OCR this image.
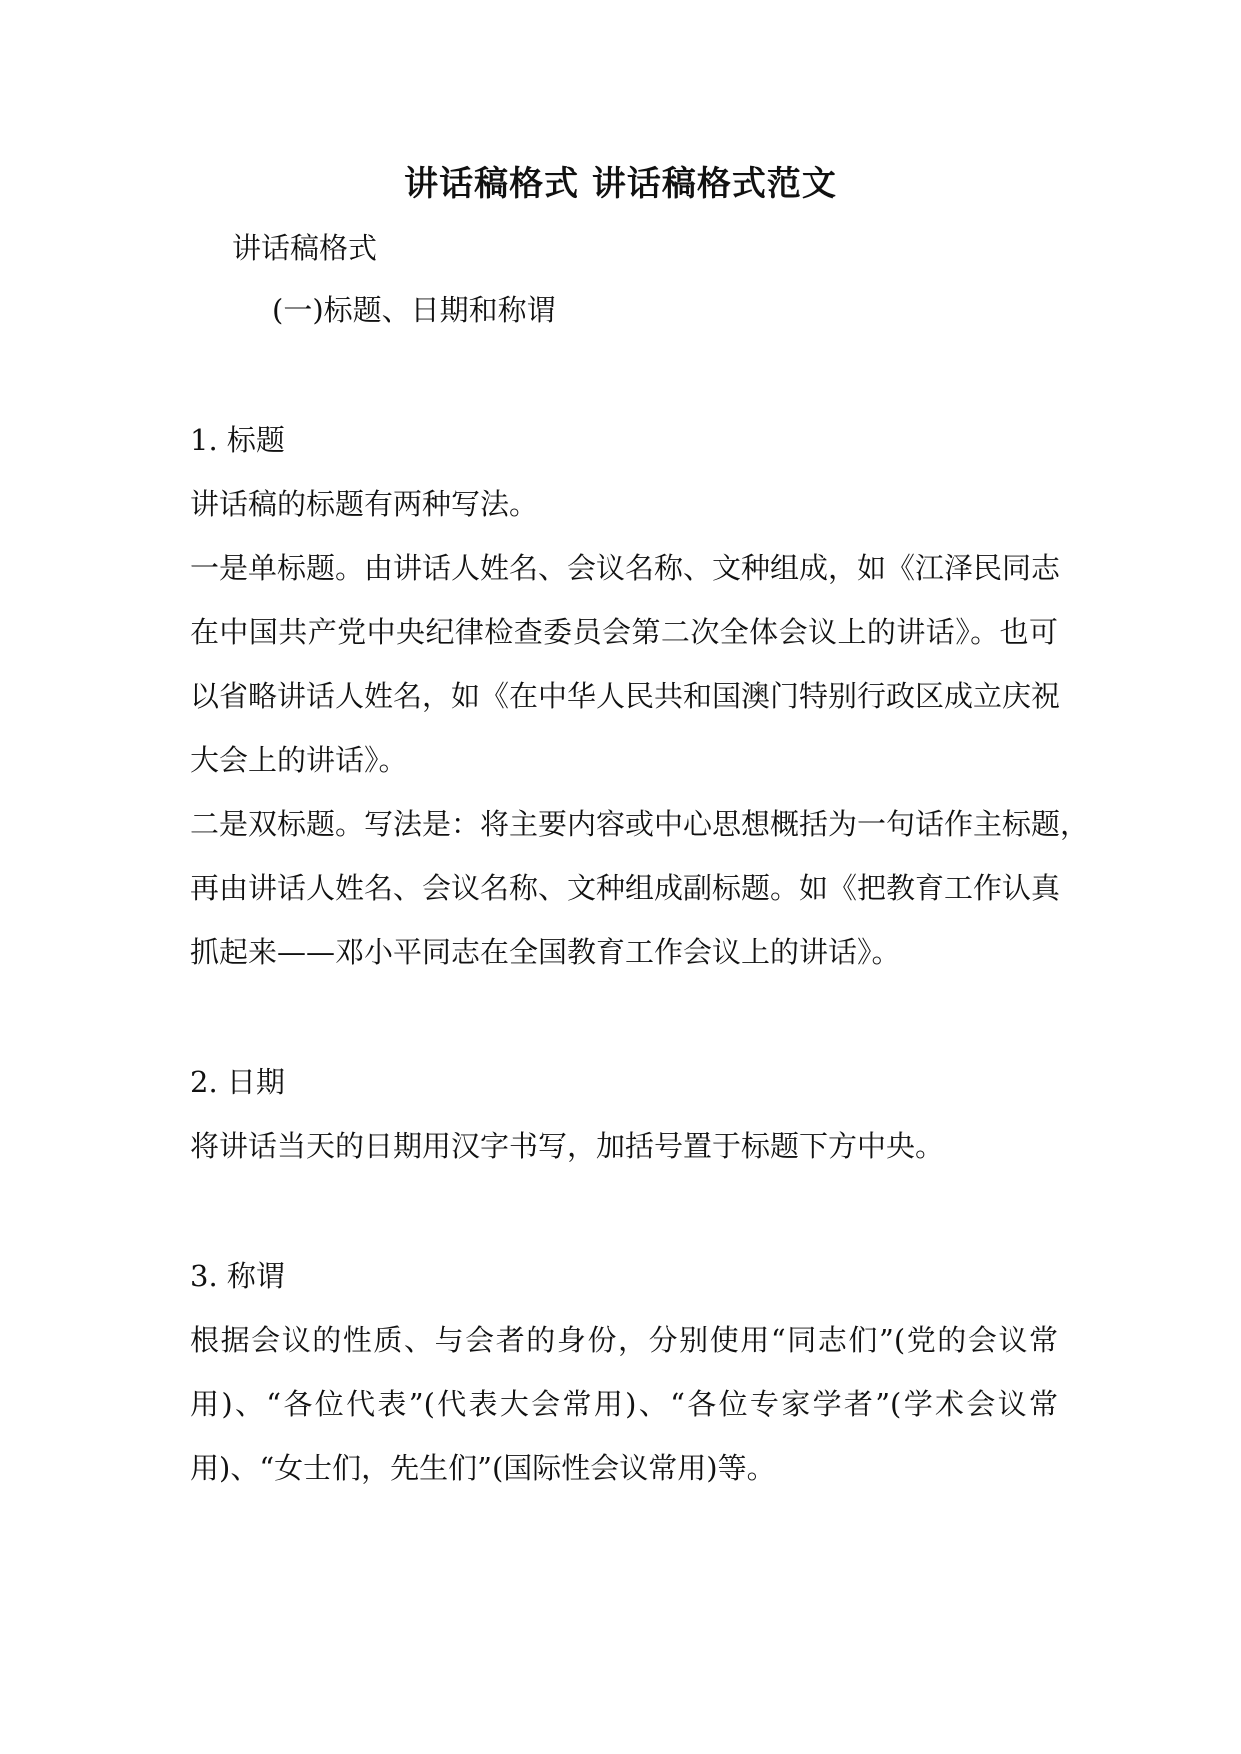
讲话稿格式 讲话稿格式范文
讲话稿格式
(一)标题、日期和称谓
1. 标题
讲话稿的标题有两种写法。
一是单标题。由讲话人姓名、会议名称、文种组成，如《江泽民同志
在中国共产党中央纪律检查委员会第二次全体会议上的讲话》。也可
以省略讲话人姓名，如《在中华人民共和国澳门特别行政区成立庆祝
大会上的讲话》。
二是双标题。写法是：将主要内容或中心思想概括为一句话作主标题，
再由讲话人姓名、会议名称、文种组成副标题。如《把教育工作认真
抓起来——邓小平同志在全国教育工作会议上的讲话》。
2. 日期
将讲话当天的日期用汉字书写，加括号置于标题下方中央。
3. 称谓
根据会议的性质、与会者的身份，分别使用“同志们”(党的会议常
用)、“各位代表”(代表大会常用)、“各位专家学者”(学术会议常
用)、“女士们，先生们”(国际性会议常用)等。
